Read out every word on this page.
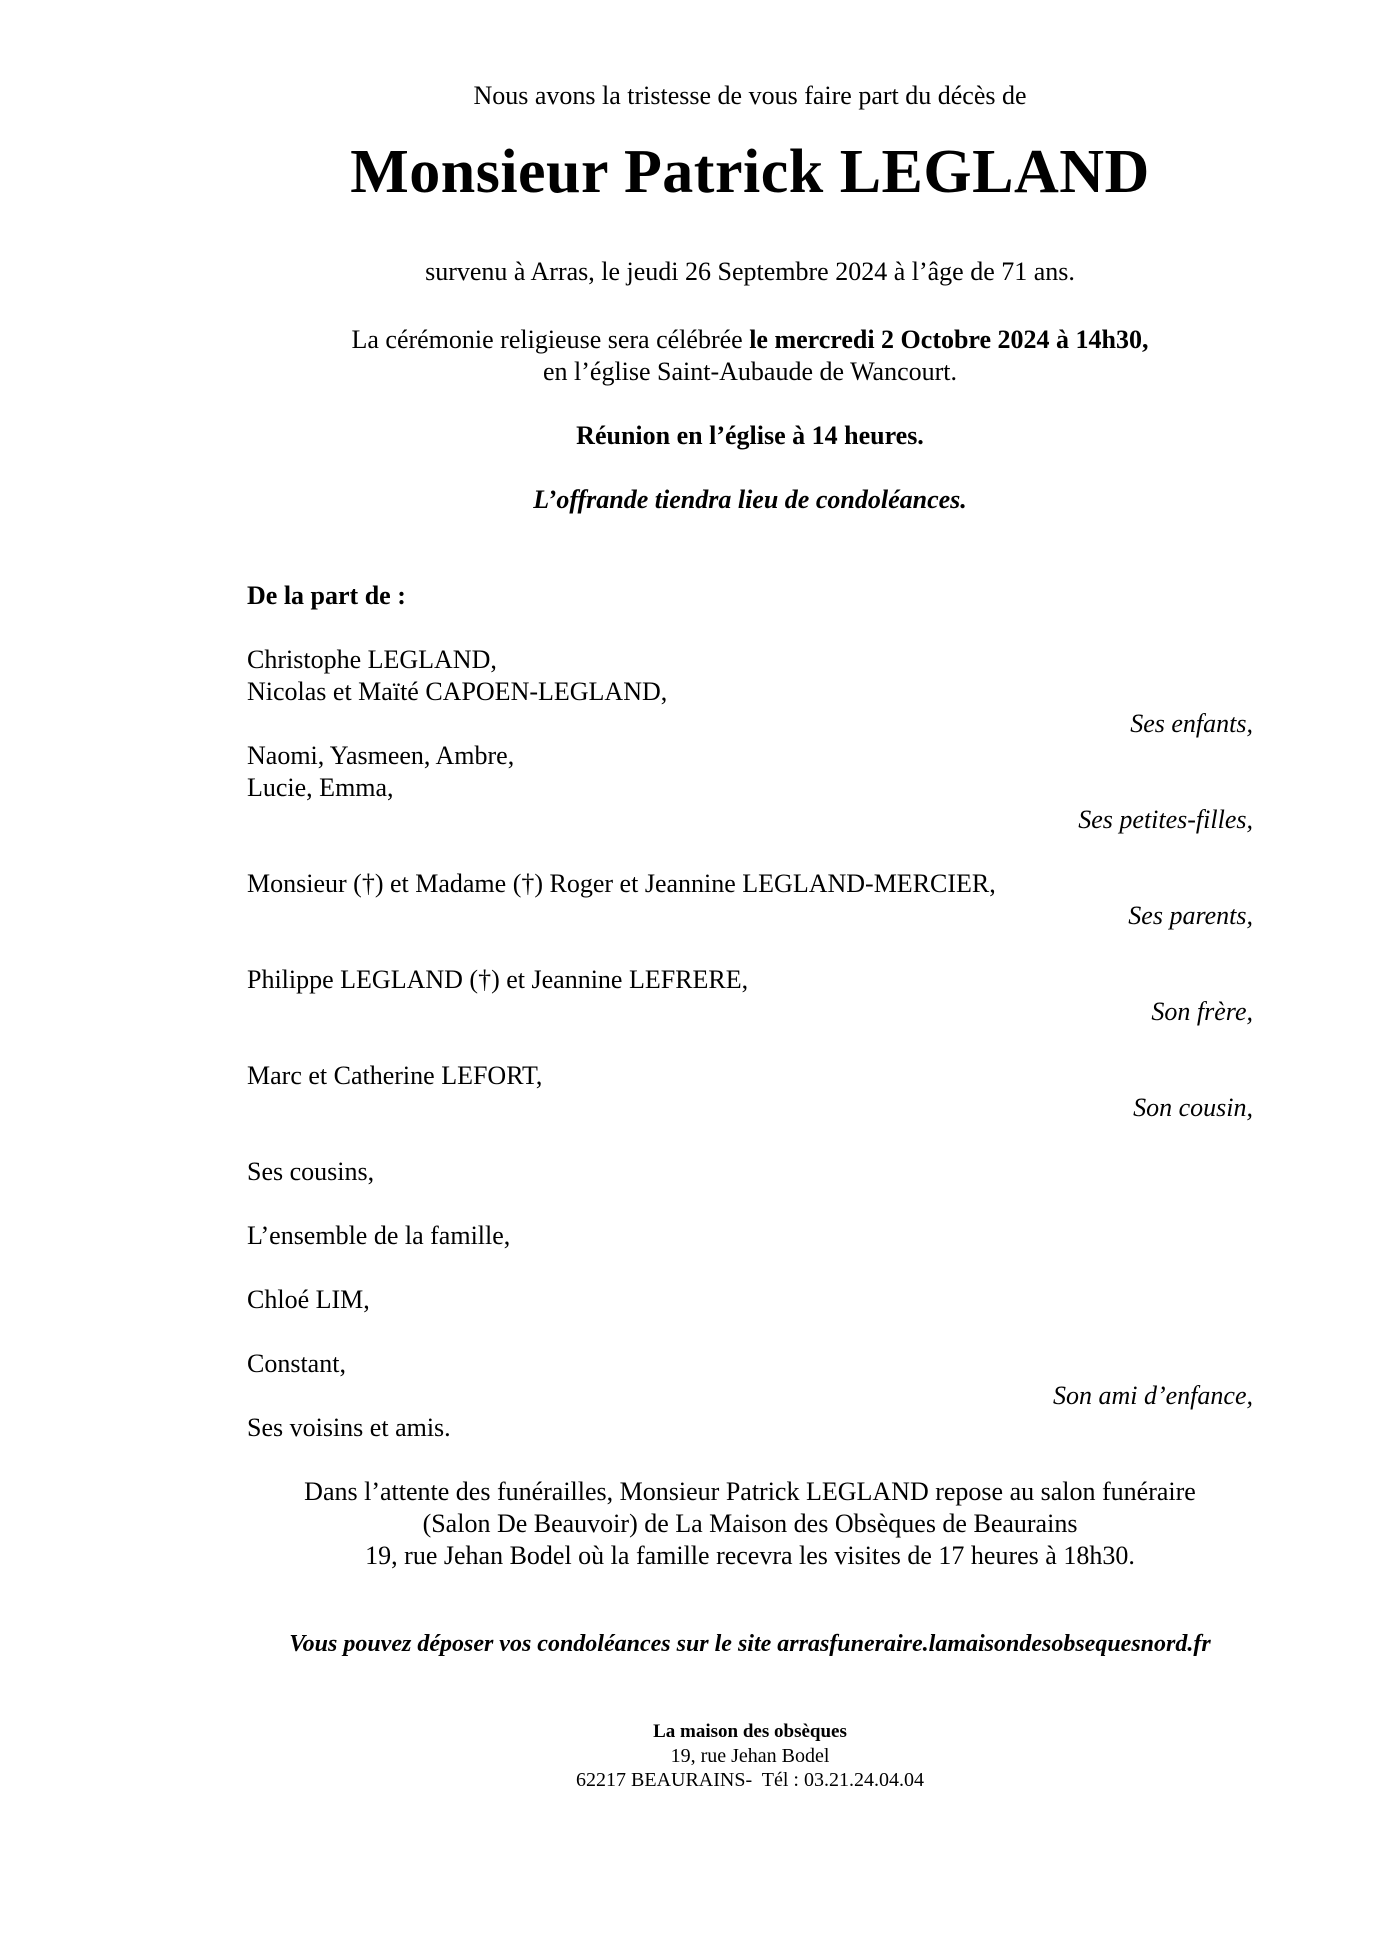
Nous avons la tristesse de vous faire part du décès de
Monsieur Patrick LEGLAND
survenu à Arras, le jeudi 26 Septembre 2024 à l’âge de 71 ans.
La cérémonie religieuse sera célébrée le mercredi 2 Octobre 2024 à 14h30,
en l’église Saint-Aubaude de Wancourt.
Réunion en l’église à 14 heures.
L’offrande tiendra lieu de condoléances.
De la part de :
Christophe LEGLAND,
Nicolas et Maïté CAPOEN-LEGLAND,
Ses enfants,
Naomi, Yasmeen, Ambre,
Lucie, Emma,
Ses petites-filles,
Monsieur (†) et Madame (†) Roger et Jeannine LEGLAND-MERCIER,
Ses parents,
Philippe LEGLAND (†) et Jeannine LEFRERE,
Son frère,
Marc et Catherine LEFORT,
Son cousin,
Ses cousins,
L’ensemble de la famille,
Chloé LIM,
Constant,
Son ami d’enfance,
Ses voisins et amis.
Dans l’attente des funérailles, Monsieur Patrick LEGLAND repose au salon funéraire
(Salon De Beauvoir) de La Maison des Obsèques de Beaurains
19, rue Jehan Bodel où la famille recevra les visites de 17 heures à 18h30.
Vous pouvez déposer vos condoléances sur le site arrasfuneraire.lamaisondesobsequesnord.fr
La maison des obsèques
19, rue Jehan Bodel
62217 BEAURAINS-  Tél : 03.21.24.04.04
